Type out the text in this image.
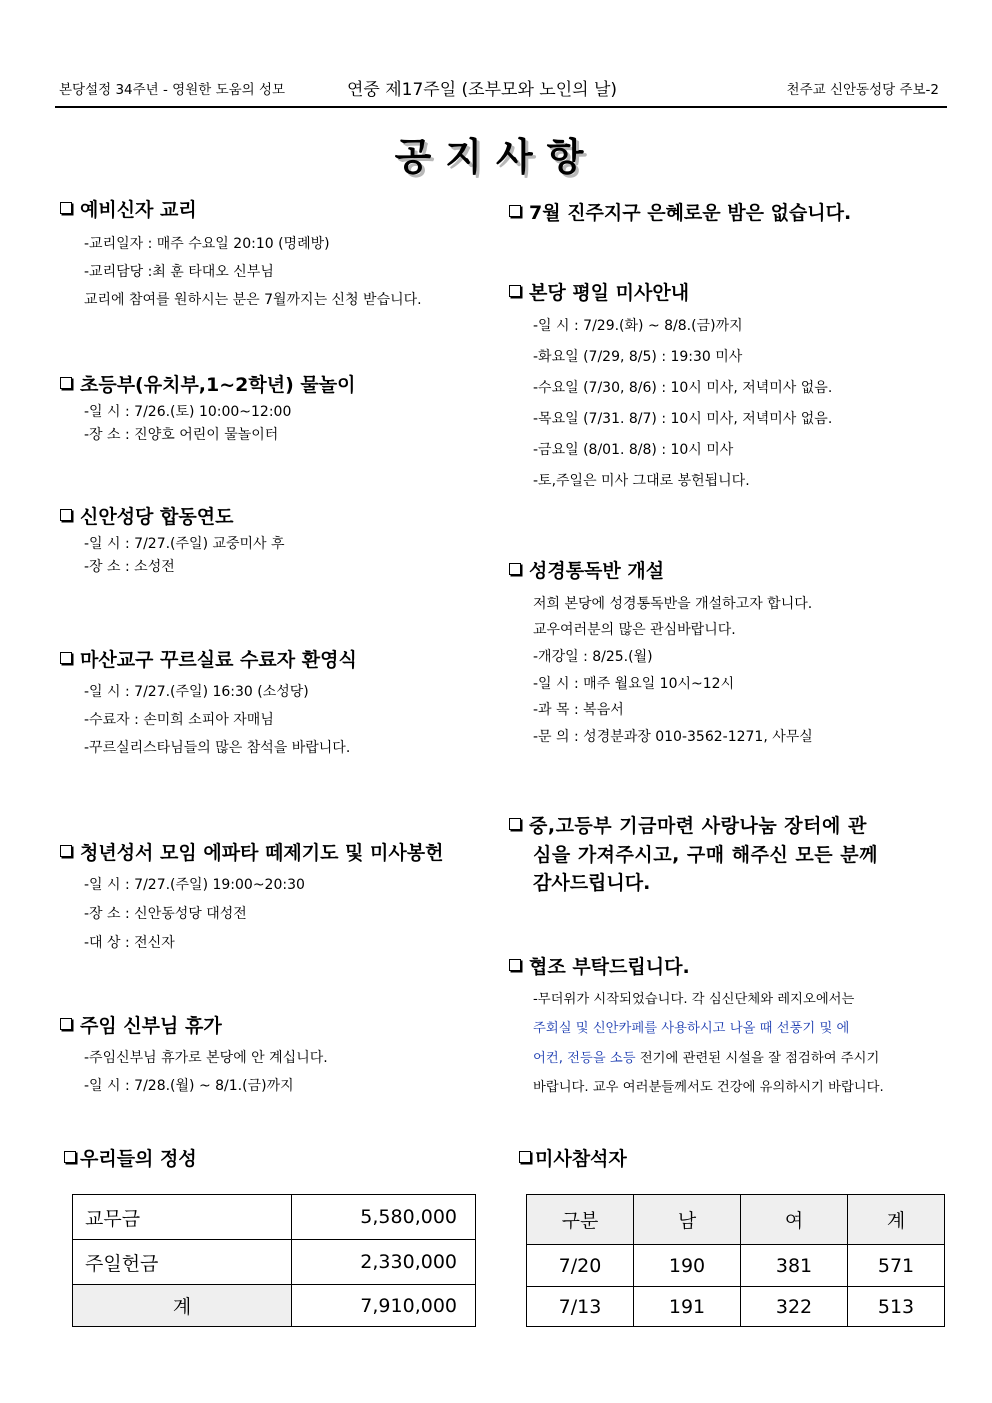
본당설정 34주년 - 영원한 도움의 성모	연중 제17주일 (조부모와 노인의 날)	천주교 신안동성당 주보-2
공지사항
예비신자 교리
-교리일자 : 매주 수요일 20:10 (명례방)
-교리담당 :최 훈 타대오 신부님
교리에 참여를 원하시는 분은 7월까지는 신청 받습니다.
초등부(유치부,1~2학년) 물놀이
-일 시 : 7/26.(토) 10:00~12:00
-장 소 : 진양호 어린이 물놀이터
신안성당 합동연도
-일 시 : 7/27.(주일) 교중미사 후
-장 소 : 소성전
마산교구 꾸르실료 수료자 환영식
-일 시 : 7/27.(주일) 16:30 (소성당)
-수료자 : 손미희 소피아 자매님
-꾸르실리스타님들의 많은 참석을 바랍니다.
청년성서 모임 에파타 떼제기도 및 미사봉헌
-일 시 : 7/27.(주일) 19:00~20:30
-장 소 : 신안동성당 대성전
-대 상 : 전신자
주임 신부님 휴가
-주임신부님 휴가로 본당에 안 계십니다.
-일 시 : 7/28.(월) ~ 8/1.(금)까지
7월 진주지구 은혜로운 밤은 없습니다.
본당 평일 미사안내
-일 시 : 7/29.(화) ~ 8/8.(금)까지
-화요일 (7/29, 8/5) : 19:30 미사
-수요일 (7/30, 8/6) : 10시 미사, 저녁미사 없음.
-목요일 (7/31. 8/7) : 10시 미사, 저녁미사 없음.
-금요일 (8/01. 8/8) : 10시 미사
-토,주일은 미사 그대로 봉헌됩니다.
성경통독반 개설
저희 본당에 성경통독반을 개설하고자 합니다.
교우여러분의 많은 관심바랍니다.
-개강일 : 8/25.(월)
-일 시 : 매주 월요일 10시~12시
-과 목 : 복음서
-문 의 : 성경분과장 010-3562-1271, 사무실
중,고등부 기금마련 사랑나눔 장터에 관
심을 가져주시고, 구매 해주신 모든 분께
감사드립니다.
협조 부탁드립니다.
-무더위가 시작되었습니다. 각 심신단체와 레지오에서는
주회실 및 신안카페를 사용하시고 나올 때 선풍기 및 에
어컨, 전등을 소등 전기에 관련된 시설을 잘 점검하여 주시기
바랍니다. 교우 여러분들께서도 건강에 유의하시기 바랍니다.
우리들의 정성
교무금	5,580,000
주일헌금	2,330,000
계	7,910,000
미사참석자
구분	남	여	계
7/20	190	381	571
7/13	191	322	513
